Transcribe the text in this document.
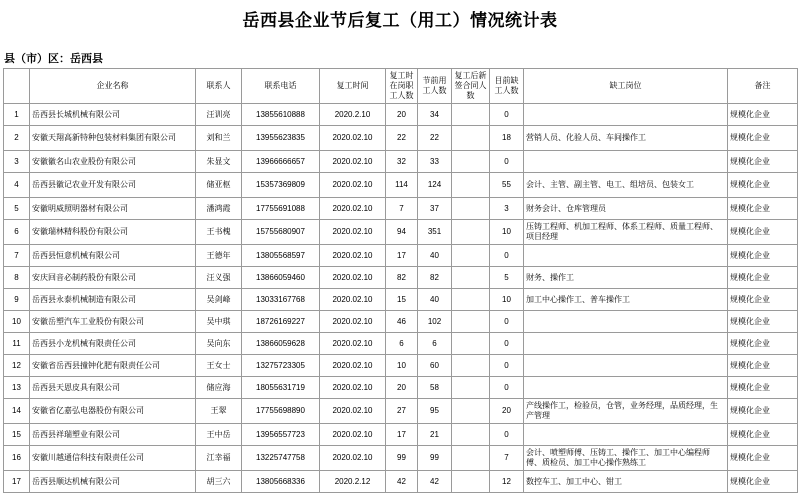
岳西县企业节后复工（用工）情况统计表
县（市）区：岳西县
	企业名称	联系人	联系电话	复工时间	复工时在岗职工人数	节前用工人数	复工后新签合同人数	目前缺工人数	缺工岗位	备注
1	岳西县长城机械有限公司	汪训亮	13855610888	2020.2.10	20	34		0		规模化企业
2	安徽天翔高新特种包装材料集团有限公司	刘和兰	13955623835	2020.02.10	22	22		18	营销人员、化验人员、车间操作工	规模化企业
3	安徽徽名山农业股份有限公司	朱显文	13966666657	2020.02.10	32	33		0		规模化企业
4	岳西县徽记农业开发有限公司	储亚枢	15357369809	2020.02.10	114	124		55	会计、主管、副主管、电工、组培员、包装女工	规模化企业
5	安徽明威照明器材有限公司	潘鸿霞	17755691088	2020.02.10	7	37		3	财务会计、仓库管理员	规模化企业
6	安徽瑞林精科股份有限公司	王书槐	15755680907	2020.02.10	94	351		10	压铸工程师、机加工程师、体系工程师、质量工程师、项目经理	规模化企业
7	岳西县恒意机械有限公司	王德年	13805568597	2020.02.10	17	40		0		规模化企业
8	安庆回音必制药股份有限公司	汪义强	13866059460	2020.02.10	82	82		5	财务、操作工	规模化企业
9	岳西县永泰机械制造有限公司	吴剑峰	13033167768	2020.02.10	15	40		10	加工中心操作工、普车操作工	规模化企业
10	安徽岳塑汽车工业股份有限公司	吴中琪	18726169227	2020.02.10	46	102		0		规模化企业
11	岳西县小龙机械有限责任公司	吴向东	13866059628	2020.02.10	6	6		0		规模化企业
12	安徽省岳西县撞钟化肥有限责任公司	王女士	13275723305	2020.02.10	10	60		0		规模化企业
13	岳西县天恩皮具有限公司	储应海	18055631719	2020.02.10	20	58		0		规模化企业
14	安徽省亿嘉弘电器股份有限公司	王翠	17755698890	2020.02.10	27	95		20	产线操作工，检验员，仓管，业务经理，品质经理，生产管理	规模化企业
15	岳西县祥瑞塑业有限公司	王中岳	13956557723	2020.02.10	17	21		0		规模化企业
16	安徽川越通信科技有限责任公司	江幸福	13225747758	2020.02.10	99	99		7	会计、喷塑师傅、压铸工、操作工、加工中心编程师傅、质检员、加工中心操作熟练工	规模化企业
17	岳西县顺达机械有限公司	胡三六	13805668336	2020.2.12	42	42		12	数控车工、加工中心、钳工	规模化企业
